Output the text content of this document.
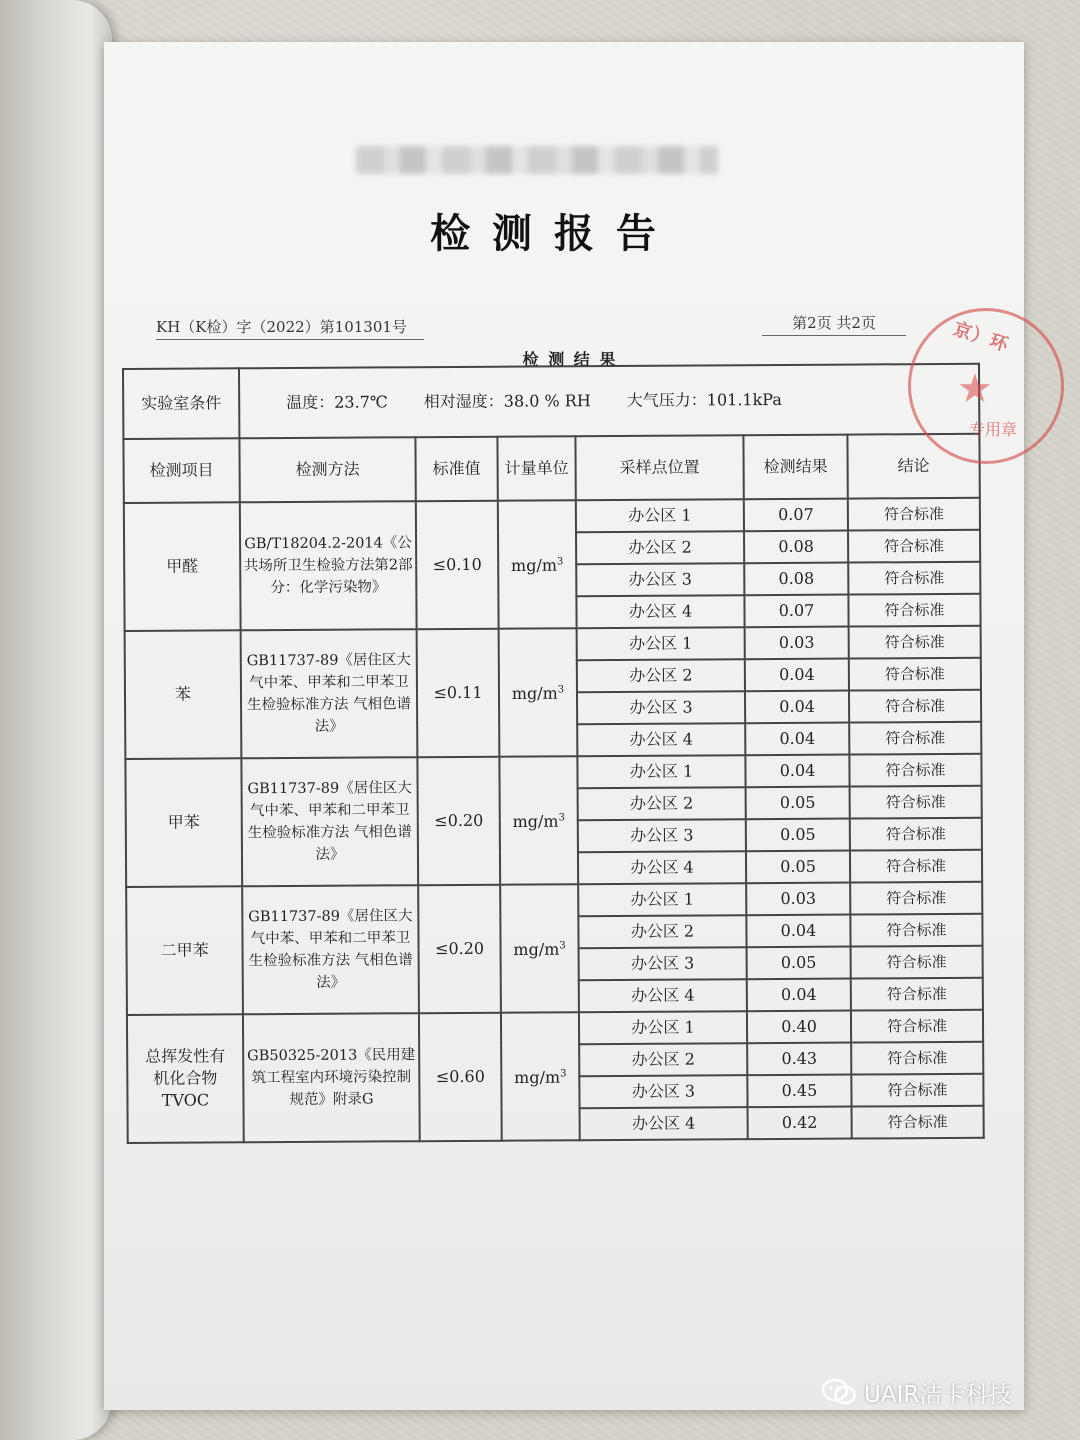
检 测 报 告
KH（K检）字（2022）第101301号	第2页 共2页
检 测 结 果
实验室条件	温度：23.7℃ 相对湿度：38.0 % RH 大气压力：101.1kPa					

检测项目	检测方法	标准值	计量单位	采样点位置	检测结果	结论
甲醛	GB/T18204.2-2014《公共场所卫生检验方法第2部分：化学污染物》	≤0.10	$mg/m^3$	办公区 1	0.07	符合标准
				办公区 2	0.08	符合标准
				办公区 3	0.08	符合标准
				办公区 4	0.07	符合标准
苯	GB11737-89《居住区大气中苯、甲苯和二甲苯卫生检验标准方法 气相色谱法》	≤0.11	$mg/m^3$	办公区 1	0.03	符合标准
				办公区 2	0.04	符合标准
				办公区 3	0.04	符合标准
				办公区 4	0.04	符合标准
甲苯	GB11737-89《居住区大气中苯、甲苯和二甲苯卫生检验标准方法 气相色谱法》	≤0.20	$mg/m^3$	办公区 1	0.04	符合标准
				办公区 2	0.05	符合标准
				办公区 3	0.05	符合标准
				办公区 4	0.05	符合标准
二甲苯	GB11737-89《居住区大气中苯、甲苯和二甲苯卫生检验标准方法 气相色谱法》	≤0.20	$mg/m^3$	办公区 1	0.03	符合标准
				办公区 2	0.04	符合标准
				办公区 3	0.05	符合标准
				办公区 4	0.04	符合标准

总挥发性有
机化合物
TVOC	GB50325-2013《民用建筑工程室内环境污染控制规范》附录G	≤0.60	$mg/m^3$	办公区 1	0.40	符合标准
				办公区 2	0.43	符合标准
				办公区 3	0.45	符合标准
				办公区 4	0.42	符合标准
京）环
★
专用章
UAIR洁卡科技
